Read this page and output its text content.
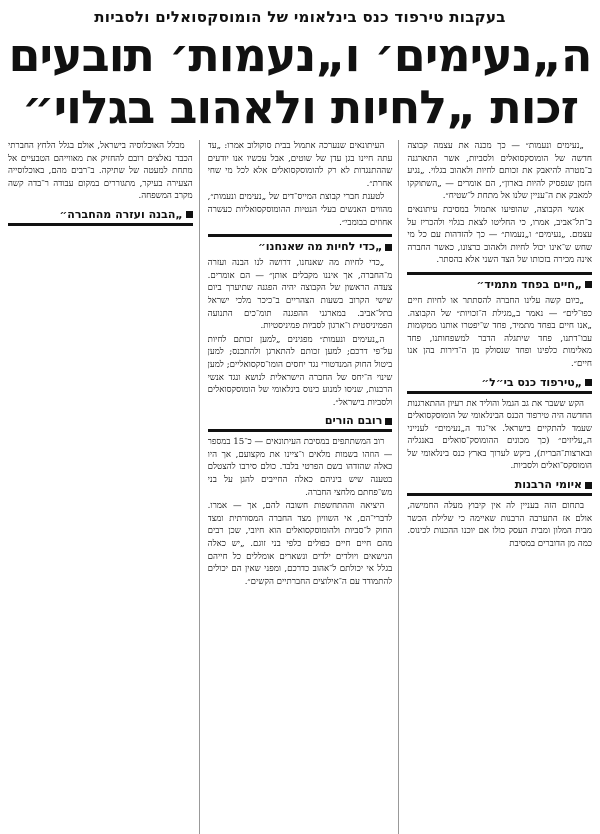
בעקבות טירפוד כנס בינלאומי של הומוסקסואלים ולסביות
ה„נעימים׳ ו„נעמות׳ תובעים
זכות „לחיות ולאהוב בגלוי״

„נעימים ונעמות״ — כך מכנה את עצמה קבוצה חדשה של הומוסקסואלים ולסביות, אשר התארגנה ב־מטרה להיאבק את זכותם לחיות ולאהוב בגלוי. „נגיע הזמן שנפסיק להיות בארון״, הם אומרים — „השתוקקו למאבק את ה־עניין שלנו אל מתחת ל־שטיח״.

אנשי הקבוצה, שהופיעו אתמול במסיבת עיתונאים ב־תל־אביב, אמרו, כי החליטו לצאת בגלוי ולהכריז על עצמם. „נעימים״ ו„נעמות״ — כך להזדהות עם כל מי שחש ש־אינו יכול לחיות ולאהוב כרצונו, כאשר החברה אינה מכירה בזכותו של הצד השני אלא בהסתר.

„חיים בפחד מתמיד״

„כיום קשה עלינו החברה להסתתר או לחיות חיים כפו־לים״ — נאמר ב„מגילת ה־זכויות״ של הקבוצה. „אנו חיים בפחד מתמיד, פחד ש־יפטרו אותנו ממקומות עבו־דתנו, פחד שיתגלה הדבר למשפחותנו, פחד מאלימות כלפינו ופחד שנסולק מן ה־דירות בהן אנו חיים״.

„טירפוד כנס בי״ל״

הקש ששבר את גב הגמל והוליד את רעיון ההתארגנות החדשה היה טירפוד הכנס הבינלאומי של הומוסקסואלים שעמד להתקיים בישראל. אי־גוד ה„נעימים״ לענייני ה„עליזים״ (כך מכונים ההומוסק־סואלים באנגליה ובארצות־הברית), ביקש לערוך בארץ כנס בינלאומי של הומוסקס־ואלים ולסביות.

איומי הרבנות

בתחום הזה בעניין לה אין קיבוץ מעלה החמישה, אולם אז התערבה הרבנות שאיימה כי שלילת הכשר מבית המלון ומבית העסק כולו אם יוכנו ההכנות לכינוס. כמה מן הדוברים במסיבת

העיתונאים שנערכה אתמול בבית סוקולוב אמרו: „עד עתה חיינו בגן עדן של שוטים, אבל עכשיו אנו יודעים שההתנגדות לא רק להומוסקסואלים אלא לכל מי שחי אחרת״.

לטענת חברי קבוצת המייס־דים של „נעימים ונעמות״, מהווים האנשים בעלי הנטיות ההומוסקסואליות כעשרה אחוזים בבומבי״.

„כדי לחיות מה שאנחנו״

„כדי לחיות מה שאנחנו, דרושה לנו הבנה ועזרה מ־החברה, אך איננו מקבלים אותן״ — הם אומרים. צעדה הראשון של הקבוצה יהיה הפגנה שתיערך ביום שישי הקרוב בשעות הצהריים ב־כיכר מלכי ישראל בתל־אביב. במארגני ההפגנה תומ־כים התנועה הפמיניסטית ו־ארגון לסביות פמיניסטיות.

ה„נעימים ונעמות״ מפגינים „למען זכותם לחיות על־פי דרכם; למען זכותם להתארגן ולהתכנס; למען ביטול החוק המנדטורי נגד יחסים הומו־סקסואליים; למען שינוי ה־יחס של החברה הישראלית לנושא ונגד אנשי הרבנות, שניסו למנוע כינוס בינלאומי של הומוסקסואלים ולסביות בישראל״.

רובם הורים

רוב המשתתפים במסיבת העיתונאים — כ־15 במספר — הוזהו בשמות מלאים ו־ציינו את מקצועם, אך היו כאלה שהזדהו בשם הפרטי בלבד. כולם סירבו להצטלם בטענה שיש ביניהם כאלה החייבים להגן על בני מש־פחתם מלחצי החברה.

היציאה וההתחשפות חשובה להם, אך — אמרו. לדברי־הם, אי השוויון מצד החברה המסורתית ומצד החוק ל־סביות ולהומוסקסואלים הוא חיובי, שכן רבים מהם חיים חיים כפולים כלפי בני זוגם. „יש כאלה הנישאים ויולדים ילדים ונשארים אומללים כל חייהם בגלל אי יכולתם ל־אהוב כדרכם, ומפני שאין הם יכולים להתמודד עם ה־אילוצים החברתיים הקשים״.

מכלל האוכלוסיה בישראל, אולם בגלל הלחץ החברתי הכבד נאלצים רובם להחזיק את מאווייהם הטבעיים אל מתחת למעטה של שתיקה. ב־רבים מהם, באוכלוסייה הצעירה בעיקר, מתגוררים במקום עבודה ר־בדה קשה מקרב המשפחה.

„הבנה ועזרה מהחברה״
